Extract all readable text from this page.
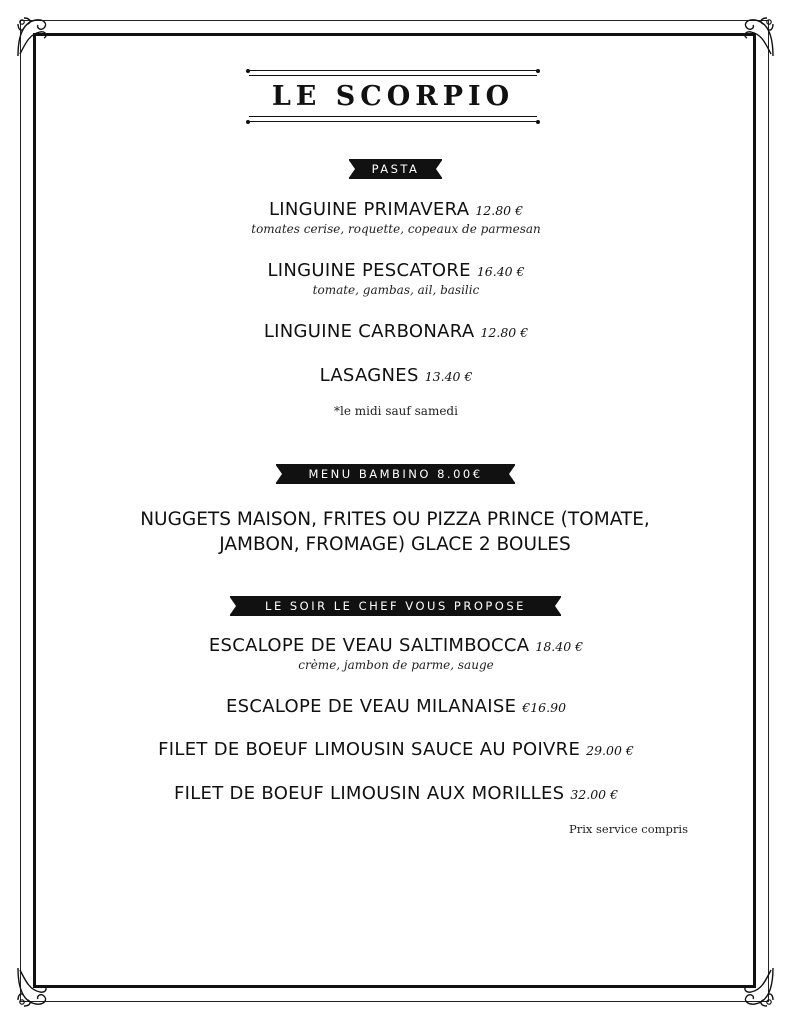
LE SCORPIO
PASTA
LINGUINE PRIMAVERA 12.80 €
tomates cerise, roquette, copeaux de parmesan
LINGUINE PESCATORE 16.40 €
tomate, gambas, ail, basilic
LINGUINE CARBONARA 12.80 €
LASAGNES 13.40 €
*le midi sauf samedi
MENU BAMBINO 8.00€
NUGGETS MAISON, FRITES OU PIZZA PRINCE (TOMATE, JAMBON, FROMAGE) GLACE 2 BOULES
LE SOIR LE CHEF VOUS PROPOSE
ESCALOPE DE VEAU SALTIMBOCCA 18.40 €
crème, jambon de parme, sauge
ESCALOPE DE VEAU MILANAISE €16.90
FILET DE BOEUF LIMOUSIN SAUCE AU POIVRE 29.00 €
FILET DE BOEUF LIMOUSIN AUX MORILLES 32.00 €
Prix service compris
